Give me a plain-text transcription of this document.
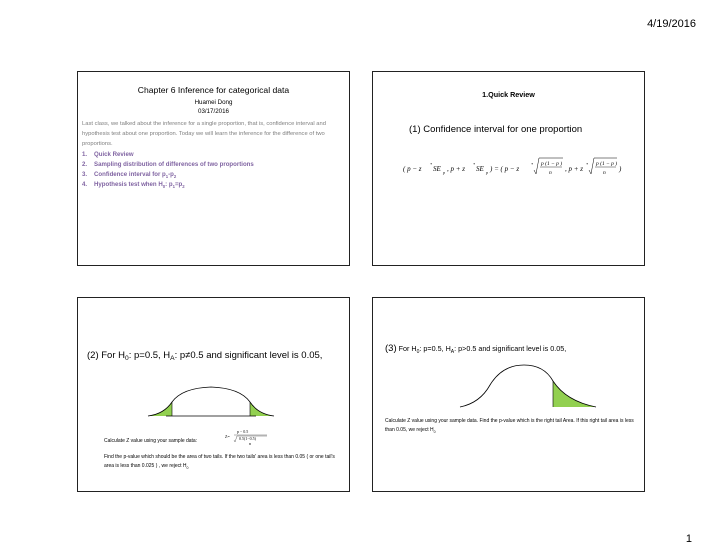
4/19/2016
Chapter 6 Inference for categorical data
Huamei Dong
03/17/2016
Last class, we talked about the inference for a single proportion, that is, confidence interval and hypothesis test about one proportion. Today we will learn the inference for the difference of two proportions.
1. Quick Review
2. Sampling distribution of differences of two proportions
3. Confidence interval for $p_1-p_2$
4. Hypothesis test when $H_0$: $p_1=p_2$
1.Quick Review
(1) Confidence interval for one proportion
( p − z
*
SE p , p + z
*
SE p ) = ( p − z
* p (1 − p )
n , p + z
* p (1 − p )
n )
(2) For $H_0$: p=0.5, $H_A$: p≠0.5 and significant level is 0.05,
Calculate Z value using your sample data:
Z=
p − 0.5
0.5(1−0.5)
n
Find the p-value which should be the area of two tails. If the two tails' area is less than 0.05 ( or one tail's area is less than 0.025 ) , we reject $H_0$
(3) For $H_0$: p=0.5, $H_A$: p>0.5 and significant level is 0.05,
Calculate Z value using your sample data. Find the p-value which is the right tail Area. If this right tail area is less than 0.05, we reject $H_0$
1
